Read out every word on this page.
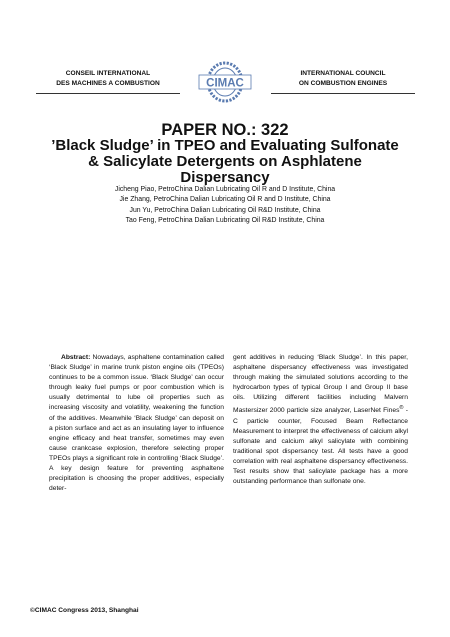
CONSEIL INTERNATIONAL
DES MACHINES A COMBUSTION	CIMAC
INTERNATIONAL COUNCIL
ON COMBUSTION ENGINES
PAPER NO.: 322
’Black Sludge’ in TPEO and Evaluating Sulfonate
& Salicylate Detergents on Asphlatene
Dispersancy
Jicheng Piao, PetroChina Dalian Lubricating Oil R and D Institute, China
Jie Zhang, PetroChina Dalian Lubricating Oil R and D Institute, China
Jun Yu, PetroChina Dalian Lubricating Oil R&D Institute, China
Tao Feng, PetroChina Dalian Lubricating Oil R&D Institute, China
Abstract: Nowadays, asphaltene contamination called ‘Black Sludge’ in marine trunk piston engine oils (TPEOs) continues to be a common issue. ‘Black Sludge’ can occur through leaky fuel pumps or poor combustion which is usually detrimental to lube oil properties such as increasing viscosity and volatility, weakening the function of the additives. Meanwhile ‘Black Sludge’ can deposit on a piston surface and act as an insulating layer to influence engine efficacy and heat transfer, sometimes may even cause crankcase explosion, therefore selecting proper TPEOs plays a significant role in controlling ‘Black Sludge’. A key design feature for preventing asphaltene precipitation is choosing the proper additives, especially deter-
gent additives in reducing ‘Black Sludge’. In this paper, asphaltene dispersancy effectiveness was investigated through making the simulated solutions according to the hydrocarbon types of typical Group I and Group II base oils. Utilizing different facilities including Malvern Mastersizer 2000 particle size analyzer, LaserNet Fines® -C particle counter, Focused Beam Reflectance Measurement to interpret the effectiveness of calcium alkyl sulfonate and calcium alkyl salicylate with combining traditional spot dispersancy test. All tests have a good correlation with real asphaltene dispersancy effectiveness. Test results show that salicylate package has a more outstanding performance than sulfonate one.
©CIMAC Congress 2013, Shanghai
